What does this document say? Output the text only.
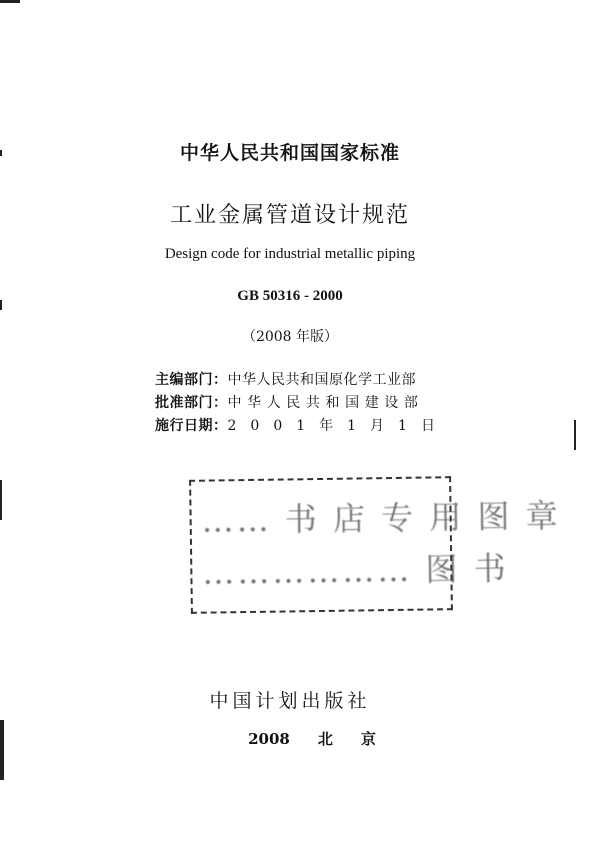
中华人民共和国国家标准
工业金属管道设计规范
Design code for industrial metallic piping
GB 50316 - 2000
（2008 年版）
主编部门：中华人民共和国原化学工业部
批准部门：中华人民共和国建设部
施行日期：2001年1月1日
…… 书 店 专 用 图 章
……………… 图 书
中国计划出版社
2008 北 京
